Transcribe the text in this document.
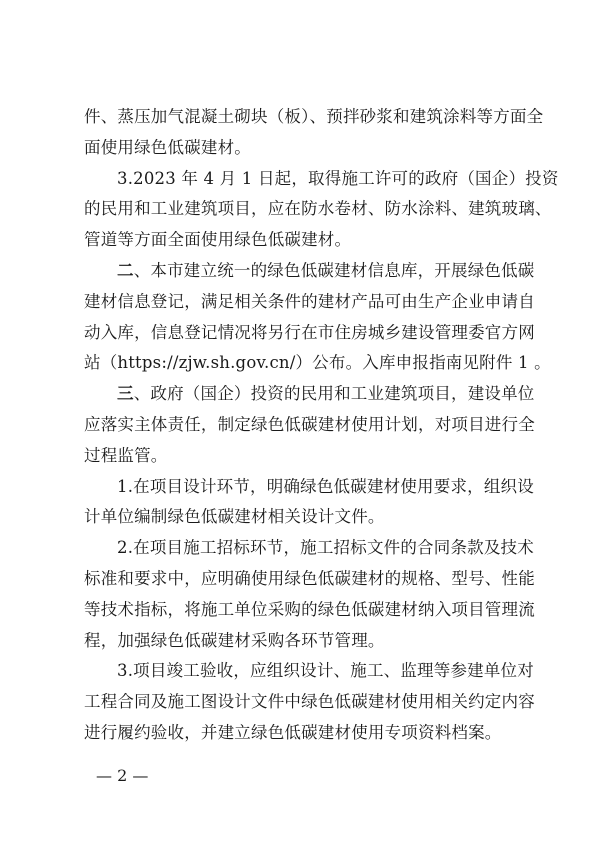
件、蒸压加气混凝土砌块（板）、预拌砂浆和建筑涂料等方面全
面使用绿色低碳建材。
3.2023 年 4 月 1 日起，取得施工许可的政府（国企）投资
的民用和工业建筑项目，应在防水卷材、防水涂料、建筑玻璃、
管道等方面全面使用绿色低碳建材。
二、本市建立统一的绿色低碳建材信息库，开展绿色低碳
建材信息登记，满足相关条件的建材产品可由生产企业申请自
动入库，信息登记情况将另行在市住房城乡建设管理委官方网
站（https://zjw.sh.gov.cn/）公布。入库申报指南见附件 1 。
三、政府（国企）投资的民用和工业建筑项目，建设单位
应落实主体责任，制定绿色低碳建材使用计划，对项目进行全
过程监管。
1.在项目设计环节，明确绿色低碳建材使用要求，组织设
计单位编制绿色低碳建材相关设计文件。
2.在项目施工招标环节，施工招标文件的合同条款及技术
标准和要求中，应明确使用绿色低碳建材的规格、型号、性能
等技术指标，将施工单位采购的绿色低碳建材纳入项目管理流
程，加强绿色低碳建材采购各环节管理。
3.项目竣工验收，应组织设计、施工、监理等参建单位对
工程合同及施工图设计文件中绿色低碳建材使用相关约定内容
进行履约验收，并建立绿色低碳建材使用专项资料档案。
— 2 —
